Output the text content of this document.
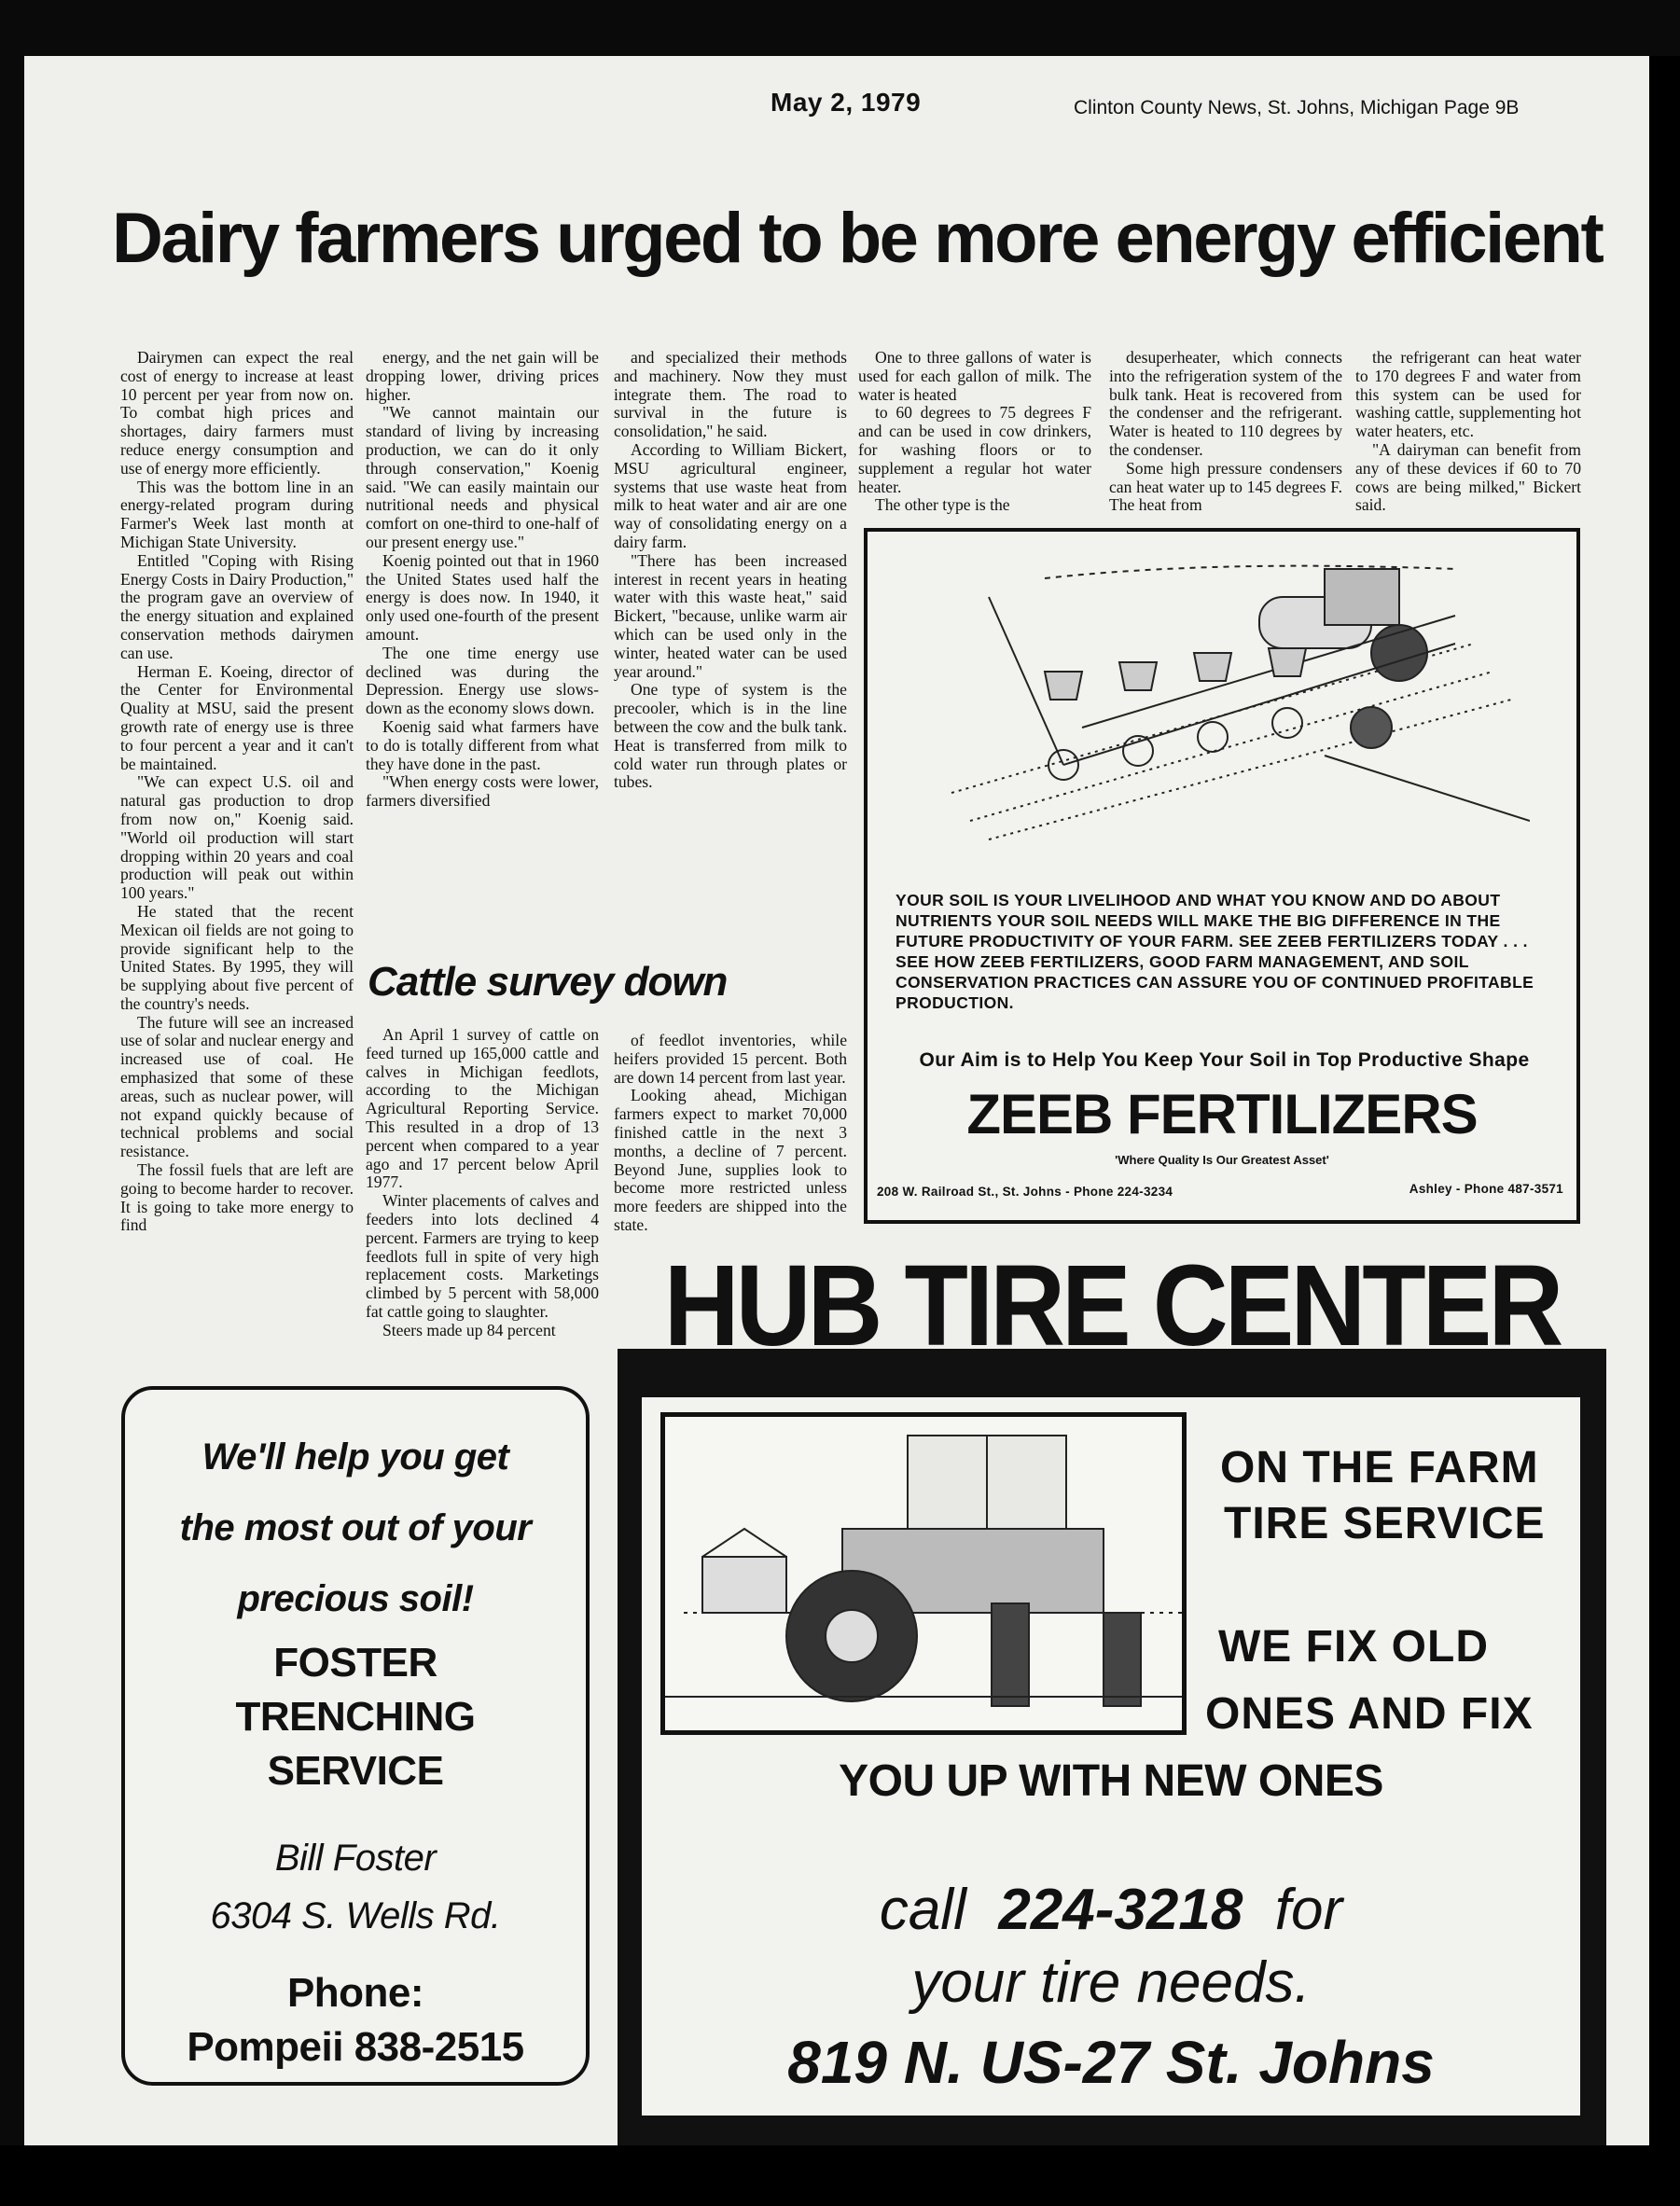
May 2, 1979	Clinton County News, St. Johns, Michigan Page 9B
Dairy farmers urged to be more energy efficient

Dairymen can expect the real cost of energy to increase at least 10 percent per year from now on. To combat high prices and shortages, dairy farmers must reduce energy consumption and use of energy more efficiently.

This was the bottom line in an energy-related program during Farmer's Week last month at Michigan State University.

Entitled "Coping with Rising Energy Costs in Dairy Production," the program gave an overview of the energy situation and explained conservation methods dairymen can use.

Herman E. Koeing, director of the Center for Environmental Quality at MSU, said the present growth rate of energy use is three to four percent a year and it can't be maintained.

"We can expect U.S. oil and natural gas production to drop from now on," Koenig said. "World oil production will start dropping within 20 years and coal production will peak out within 100 years."

He stated that the recent Mexican oil fields are not going to provide significant help to the United States. By 1995, they will be supplying about five percent of the country's needs.

The future will see an increased use of solar and nuclear energy and increased use of coal. He emphasized that some of these areas, such as nuclear power, will not expand quickly because of technical problems and social resistance.

The fossil fuels that are left are going to become harder to recover. It is going to take more energy to find

energy, and the net gain will be dropping lower, driving prices higher.

"We cannot maintain our standard of living by increasing production, we can do it only through conservation," Koenig said. "We can easily maintain our nutritional needs and physical comfort on one-third to one-half of our present energy use."

Koenig pointed out that in 1960 the United States used half the energy is does now. In 1940, it only used one-fourth of the present amount.

The one time energy use declined was during the Depression. Energy use slows-down as the economy slows down.

Koenig said what farmers have to do is totally different from what they have done in the past.

"When energy costs were lower, farmers diversified

and specialized their methods and machinery. Now they must integrate them. The road to survival in the future is consolidation," he said.

According to William Bickert, MSU agricultural engineer, systems that use waste heat from milk to heat water and air are one way of consolidating energy on a dairy farm.

"There has been increased interest in recent years in heating water with this waste heat," said Bickert, "because, unlike warm air which can be used only in the winter, heated water can be used year around."

One type of system is the precooler, which is in the line between the cow and the bulk tank. Heat is transferred from milk to cold water run through plates or tubes.

One to three gallons of water is used for each gallon of milk. The water is heated

to 60 degrees to 75 degrees F and can be used in cow drinkers, for washing floors or to supplement a regular hot water heater.

The other type is the

desuperheater, which connects into the refrigeration system of the bulk tank. Heat is recovered from the condenser and the refrigerant. Water is heated to 110 degrees by the condenser.

Some high pressure condensers can heat water up to 145 degrees F. The heat from

the refrigerant can heat water to 170 degrees F and water from this system can be used for washing cattle, supplementing hot water heaters, etc.

"A dairyman can benefit from any of these devices if 60 to 70 cows are being milked," Bickert said.

Cattle survey down

An April 1 survey of cattle on feed turned up 165,000 cattle and calves in Michigan feedlots, according to the Michigan Agricultural Reporting Service. This resulted in a drop of 13 percent when compared to a year ago and 17 percent below April 1977.

Winter placements of calves and feeders into lots declined 4 percent. Farmers are trying to keep feedlots full in spite of very high replacement costs. Marketings climbed by 5 percent with 58,000 fat cattle going to slaughter.

Steers made up 84 percent

of feedlot inventories, while heifers provided 15 percent. Both are down 14 percent from last year.

Looking ahead, Michigan farmers expect to market 70,000 finished cattle in the next 3 months, a decline of 7 percent. Beyond June, supplies look to become more restricted unless more feeders are shipped into the state.

YOUR SOIL IS YOUR LIVELIHOOD AND WHAT YOU KNOW AND DO ABOUT NUTRIENTS YOUR SOIL NEEDS WILL MAKE THE BIG DIFFERENCE IN THE FUTURE PRODUCTIVITY OF YOUR FARM. SEE ZEEB FERTILIZERS TODAY . . . SEE HOW ZEEB FERTILIZERS, GOOD FARM MANAGEMENT, AND SOIL CONSERVATION PRACTICES CAN ASSURE YOU OF CONTINUED PROFITABLE PRODUCTION.
Our Aim is to Help You Keep Your Soil in Top Productive Shape
ZEEB FERTILIZERS
'Where Quality Is Our Greatest Asset'
208 W. Railroad St., St. Johns - Phone 224-3234	Ashley - Phone 487-3571
HUB TIRE CENTER
ON THE FARM
TIRE SERVICE
WE FIX OLD
ONES AND FIX
YOU UP WITH NEW ONES
call 224-3218 for
your tire needs.
819 N. US-27 St. Johns
We'll help you get
the most out of your
precious soil!
FOSTER
TRENCHING
SERVICE
Bill Foster
6304 S. Wells Rd.
Phone:
Pompeii 838-2515
